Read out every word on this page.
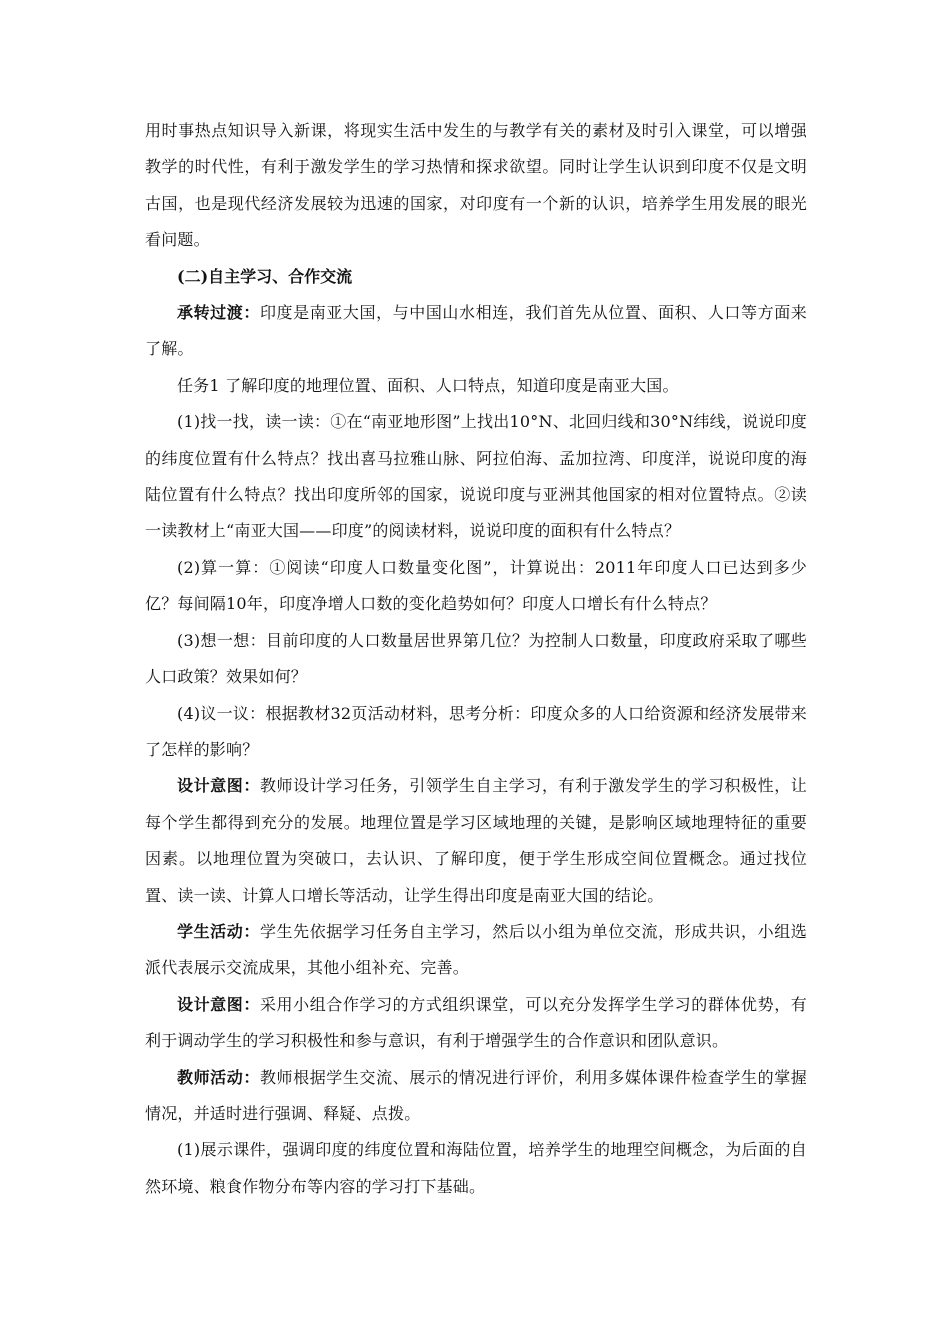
用时事热点知识导入新课，将现实生活中发生的与教学有关的素材及时引入课堂，可以增强教学的时代性，有利于激发学生的学习热情和探求欲望。同时让学生认识到印度不仅是文明古国，也是现代经济发展较为迅速的国家，对印度有一个新的认识，培养学生用发展的眼光看问题。

(二)自主学习、合作交流

承转过渡：印度是南亚大国，与中国山水相连，我们首先从位置、面积、人口等方面来了解。

任务1 了解印度的地理位置、面积、人口特点，知道印度是南亚大国。

(1)找一找，读一读：①在“南亚地形图”上找出10°N、北回归线和30°N纬线，说说印度的纬度位置有什么特点？找出喜马拉雅山脉、阿拉伯海、孟加拉湾、印度洋，说说印度的海陆位置有什么特点？找出印度所邻的国家，说说印度与亚洲其他国家的相对位置特点。②读一读教材上“南亚大国——印度”的阅读材料，说说印度的面积有什么特点？

(2)算一算：①阅读“印度人口数量变化图”，计算说出：2011年印度人口已达到多少亿？每间隔10年，印度净增人口数的变化趋势如何？印度人口增长有什么特点？

(3)想一想：目前印度的人口数量居世界第几位？为控制人口数量，印度政府采取了哪些人口政策？效果如何？

(4)议一议：根据教材32页活动材料，思考分析：印度众多的人口给资源和经济发展带来了怎样的影响？

设计意图：教师设计学习任务，引领学生自主学习，有利于激发学生的学习积极性，让每个学生都得到充分的发展。地理位置是学习区域地理的关键，是影响区域地理特征的重要因素。以地理位置为突破口，去认识、了解印度，便于学生形成空间位置概念。通过找位置、读一读、计算人口增长等活动，让学生得出印度是南亚大国的结论。

学生活动：学生先依据学习任务自主学习，然后以小组为单位交流，形成共识，小组选派代表展示交流成果，其他小组补充、完善。

设计意图：采用小组合作学习的方式组织课堂，可以充分发挥学生学习的群体优势，有利于调动学生的学习积极性和参与意识，有利于增强学生的合作意识和团队意识。

教师活动：教师根据学生交流、展示的情况进行评价，利用多媒体课件检查学生的掌握情况，并适时进行强调、释疑、点拨。

(1)展示课件，强调印度的纬度位置和海陆位置，培养学生的地理空间概念，为后面的自然环境、粮食作物分布等内容的学习打下基础。
